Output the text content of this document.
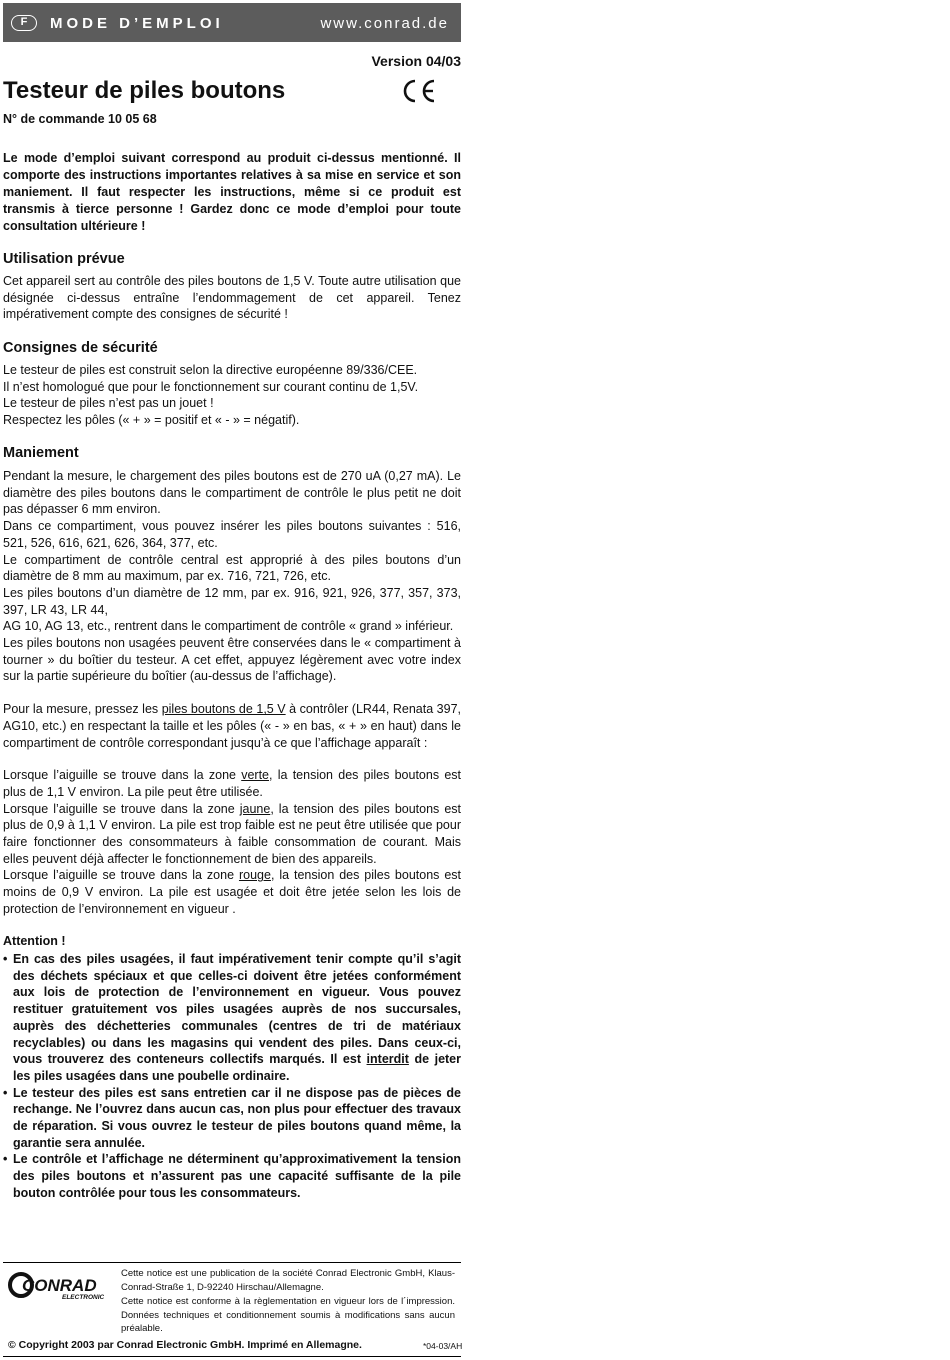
F	MODE D’EMPLOI	www.conrad.de
Version 04/03
Testeur de piles boutons
N° de commande 10 05 68

Le mode d’emploi suivant correspond au produit ci-dessus mentionné. Il comporte des instructions importantes relatives à sa mise en service et son maniement. Il faut respecter les instructions, même si ce produit est transmis à tierce personne ! Gardez donc ce mode d’emploi pour toute consultation ultérieure !

Utilisation prévue

Cet appareil sert au contrôle des piles boutons de 1,5 V. Toute autre utilisation que désignée ci-dessus entraîne l’endommagement de cet appareil. Tenez impérativement compte des consignes de sécurité !

Consignes de sécurité
Le testeur de piles est construit selon la directive européenne 89/336/CEE.
Il n’est homologué que pour le fonctionnement sur courant continu de 1,5V.
Le testeur de piles n’est pas un jouet !
Respectez les pôles (« + » = positif et « - » = négatif).
Maniement

Pendant la mesure, le chargement des piles boutons est de 270 uA (0,27 mA). Le diamètre des piles boutons dans le compartiment de contrôle le plus petit ne doit pas dépasser 6 mm environ.

Dans ce compartiment, vous pouvez insérer les piles boutons suivantes : 516, 521, 526, 616, 621, 626, 364, 377, etc.

Le compartiment de contrôle central est approprié à des piles boutons d’un diamètre de 8 mm au maximum, par ex. 716, 721, 726, etc.

Les piles boutons d’un diamètre de 12 mm, par ex. 916, 921, 926, 377, 357, 373, 397, LR 43, LR 44,

AG 10, AG 13, etc., rentrent dans le compartiment de contrôle « grand » inférieur.

Les piles boutons non usagées peuvent être conservées dans le « compartiment à tourner » du boîtier du testeur. A cet effet, appuyez légèrement avec votre index sur la partie supérieure du boîtier (au-dessus de l’affichage).

Pour la mesure, pressez les piles boutons de 1,5 V à contrôler (LR44, Renata 397, AG10, etc.) en respectant la taille et les pôles (« - » en bas, « + » en haut) dans le compartiment de contrôle correspondant jusqu’à ce que l’affichage apparaît :

Lorsque l’aiguille se trouve dans la zone verte, la tension des piles boutons est plus de 1,1 V environ. La pile peut être utilisée.

Lorsque l’aiguille se trouve dans la zone jaune, la tension des piles boutons est plus de 0,9 à 1,1 V environ. La pile est trop faible est ne peut être utilisée que pour faire fonctionner des consommateurs à faible consommation de courant. Mais elles peuvent déjà affecter le fonctionnement de bien des appareils.

Lorsque l’aiguille se trouve dans la zone rouge, la tension des piles boutons est moins de 0,9 V environ. La pile est usagée et doit être jetée selon les lois de protection de l’environnement en vigueur .

Attention !
• En cas des piles usagées, il faut impérativement tenir compte qu’il s’agit des déchets spéciaux et que celles-ci doivent être jetées conformément aux lois de protection de l’environnement en vigueur. Vous pouvez restituer gratuitement vos piles usagées auprès de nos succursales, auprès des déchetteries communales (centres de tri de matériaux recyclables) ou dans les magasins qui vendent des piles. Dans ceux-ci, vous trouverez des conteneurs collectifs marqués. Il est interdit de jeter les piles usagées dans une poubelle ordinaire.
• Le testeur des piles est sans entretien car il ne dispose pas de pièces de rechange. Ne l’ouvrez dans aucun cas, non plus pour effectuer des travaux de réparation. Si vous ouvrez le testeur de piles boutons quand même, la garantie sera annulée.
• Le contrôle et l’affichage ne déterminent qu’approximativement la tension des piles boutons et n’assurent pas une capacité suffisante de la pile bouton contrôlée pour tous les consommateurs.
CONRAD
ELECTRONIC

Cette notice est une publication de la société Conrad Electronic GmbH, Klaus-Conrad-Straße 1, D-92240 Hirschau/Allemagne.

Cette notice est conforme à la règlementation en vigueur lors de l´impression. Données techniques et conditionnement soumis à modifications sans aucun préalable.

© Copyright 2003 par Conrad Electronic GmbH. Imprimé en Allemagne.	*04-03/AH
